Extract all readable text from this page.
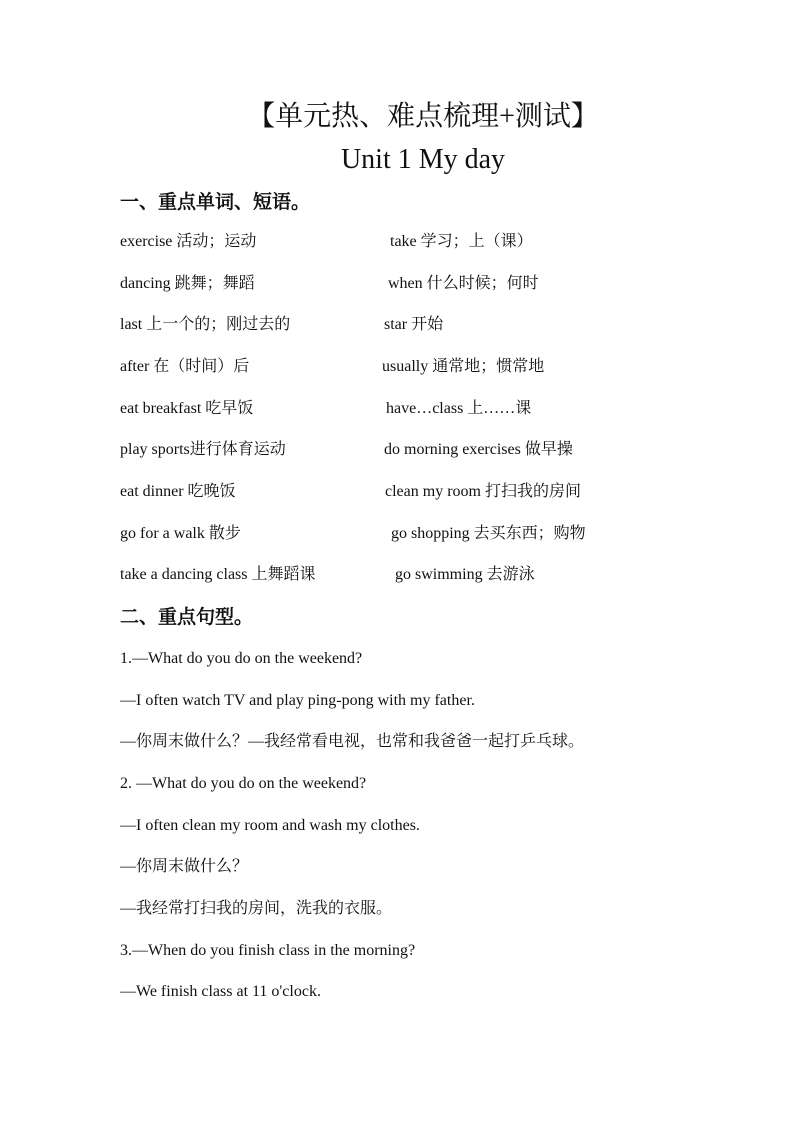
【单元热、难点梳理+测试】
Unit 1 My day
一、重点单词、短语。
exercise 活动；运动	take 学习；上（课）
dancing 跳舞；舞蹈	when 什么时候；何时
last 上一个的；刚过去的	star 开始
after 在（时间）后	usually 通常地；惯常地
eat breakfast 吃早饭	have…class 上……课
play sports进行体育运动	do morning exercises 做早操
eat dinner 吃晚饭	clean my room 打扫我的房间
go for a walk 散步	go shopping 去买东西；购物
take a dancing class 上舞蹈课	go swimming 去游泳
二、重点句型。
1.—What do you do on the weekend?
—I often watch TV and play ping-pong with my father.
—你周末做什么？—我经常看电视，也常和我爸爸一起打乒乓球。
2. —What do you do on the weekend?
—I often clean my room and wash my clothes.
—你周末做什么？
—我经常打扫我的房间，洗我的衣服。
3.—When do you finish class in the morning?
—We finish class at 11 o'clock.
